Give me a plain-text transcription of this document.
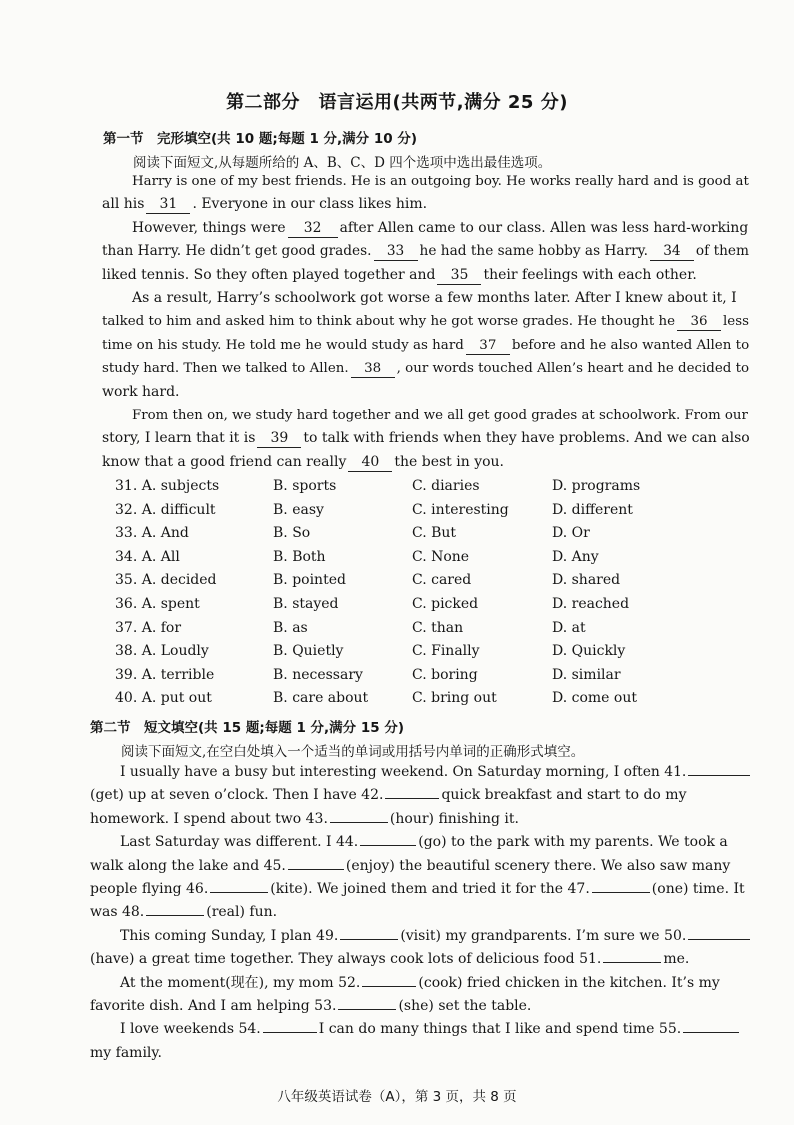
第二部分　语言运用(共两节,满分 25 分)
第一节　完形填空(共 10 题;每题 1 分,满分 10 分)
阅读下面短文,从每题所给的 A、B、C、D 四个选项中选出最佳选项。
Harry is one of my best friends. He is an outgoing boy. He works really hard and is good at
all his 31 . Everyone in our class likes him.
However, things were 32 after Allen came to our class. Allen was less hard-working
than Harry. He didn’t get good grades. 33 he had the same hobby as Harry. 34 of them
liked tennis. So they often played together and 35 their feelings with each other.
As a result, Harry’s schoolwork got worse a few months later. After I knew about it, I
talked to him and asked him to think about why he got worse grades. He thought he 36 less
time on his study. He told me he would study as hard 37 before and he also wanted Allen to
study hard. Then we talked to Allen. 38 , our words touched Allen’s heart and he decided to
work hard.
From then on, we study hard together and we all get good grades at schoolwork. From our
story, I learn that it is 39 to talk with friends when they have problems. And we can also
know that a good friend can really 40 the best in you.
31. A. subjects	B. sports	C. diaries	D. programs
32. A. difficult	B. easy	C. interesting	D. different
33. A. And	B. So	C. But	D. Or
34. A. All	B. Both	C. None	D. Any
35. A. decided	B. pointed	C. cared	D. shared
36. A. spent	B. stayed	C. picked	D. reached
37. A. for	B. as	C. than	D. at
38. A. Loudly	B. Quietly	C. Finally	D. Quickly
39. A. terrible	B. necessary	C. boring	D. similar
40. A. put out	B. care about	C. bring out	D. come out
第二节　短文填空(共 15 题;每题 1 分,满分 15 分)
阅读下面短文,在空白处填入一个适当的单词或用括号内单词的正确形式填空。
I usually have a busy but interesting weekend. On Saturday morning, I often 41.
(get) up at seven o’clock. Then I have 42.	quick breakfast and start to do my
homework. I spend about two 43.	(hour) finishing it.
Last Saturday was different. I 44.	(go) to the park with my parents. We took a
walk along the lake and 45.	(enjoy) the beautiful scenery there. We also saw many
people flying 46.	(kite). We joined them and tried it for the 47.	(one) time. It
was 48.	(real) fun.
This coming Sunday, I plan 49.	(visit) my grandparents. I’m sure we 50.
(have) a great time together. They always cook lots of delicious food 51.	me.
At the moment(现在), my mom 52.	(cook) fried chicken in the kitchen. It’s my
favorite dish. And I am helping 53.	(she) set the table.
I love weekends 54.	I can do many things that I like and spend time 55.
my family.
八年级英语试卷（A），第 3 页，共 8 页
